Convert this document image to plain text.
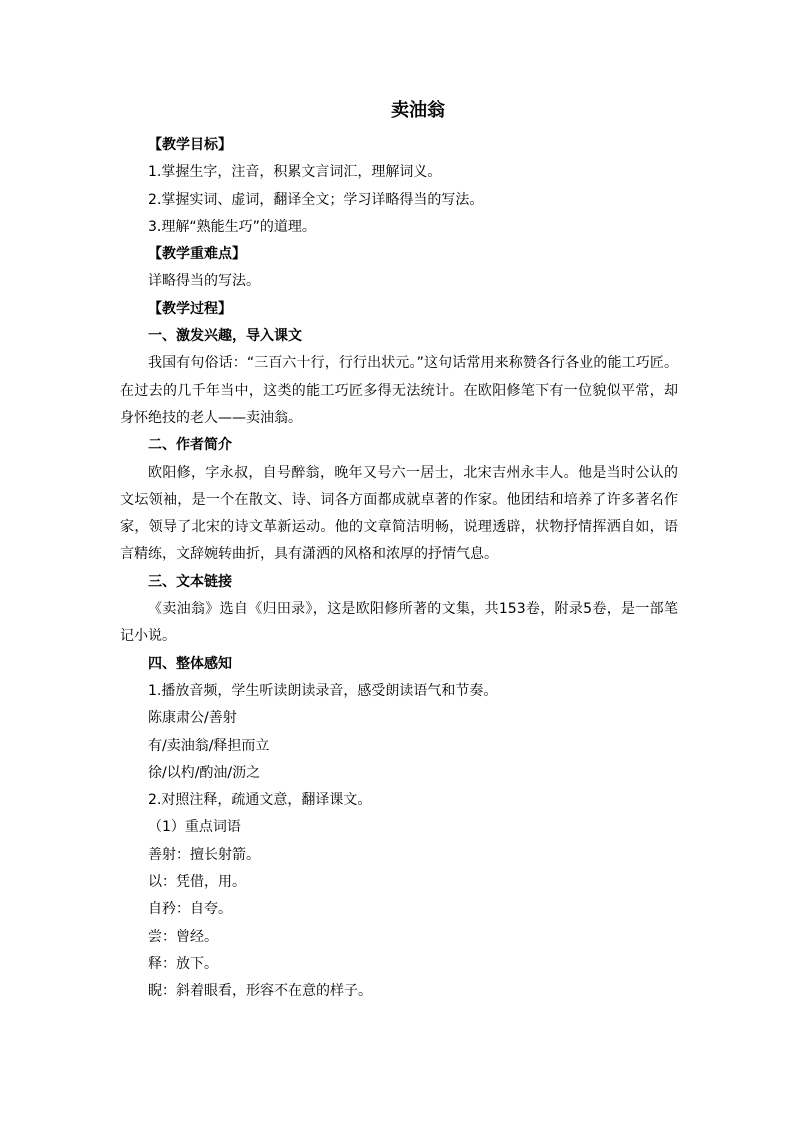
卖油翁
【教学目标】
1.掌握生字，注音，积累文言词汇，理解词义。
2.掌握实词、虚词，翻译全文；学习详略得当的写法。
3.理解“熟能生巧”的道理。
【教学重难点】
详略得当的写法。
【教学过程】
一、激发兴趣，导入课文
我国有句俗话：“三百六十行，行行出状元。”这句话常用来称赞各行各业的能工巧匠。在过去的几千年当中，这类的能工巧匠多得无法统计。在欧阳修笔下有一位貌似平常，却身怀绝技的老人——卖油翁。
二、作者简介
欧阳修，字永叔，自号醉翁，晚年又号六一居士，北宋吉州永丰人。他是当时公认的文坛领袖，是一个在散文、诗、词各方面都成就卓著的作家。他团结和培养了许多著名作家，领导了北宋的诗文革新运动。他的文章简洁明畅，说理透辟，状物抒情挥洒自如，语言精练，文辞婉转曲折，具有潇洒的风格和浓厚的抒情气息。
三、文本链接
《卖油翁》选自《归田录》，这是欧阳修所著的文集，共153卷，附录5卷，是一部笔记小说。
四、整体感知
1.播放音频，学生听读朗读录音，感受朗读语气和节奏。
陈康肃公/善射
有/卖油翁/释担而立
徐/以杓/酌油/沥之
2.对照注释，疏通文意，翻译课文。
（1）重点词语
善射：擅长射箭。
以：凭借，用。
自矜：自夸。
尝：曾经。
释：放下。
睨：斜着眼看，形容不在意的样子。
